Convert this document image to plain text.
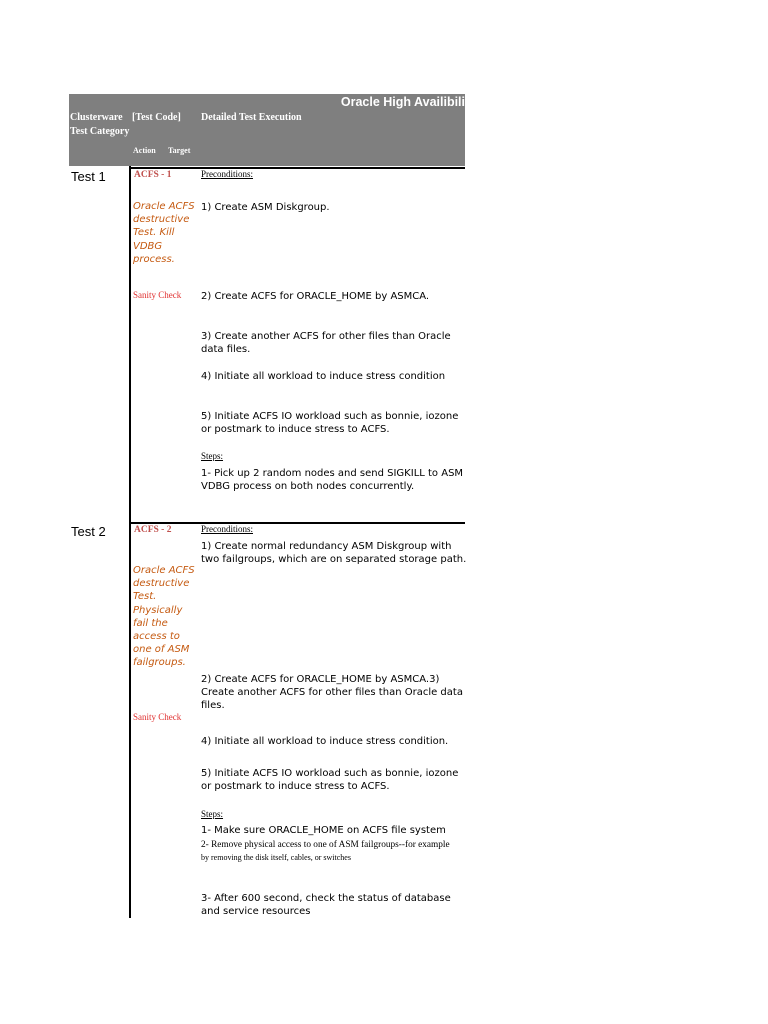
Oracle High Availibili
Clusterware Test Category
[Test Code] Detailed Test Execution
Action Target
Test 1	ACFS - 1
Oracle ACFS destructive Test. Kill VDBG process.
Sanity Check
Preconditions:
1) Create ASM Diskgroup.
2) Create ACFS for ORACLE_HOME by ASMCA.
3) Create another ACFS for other files than Oracle data files.
4) Initiate all workload to induce stress condition
5) Initiate ACFS IO workload such as bonnie, iozone or postmark to induce stress to ACFS.
Steps:
1- Pick up 2 random nodes and send SIGKILL to ASM VDBG process on both nodes concurrently.
Test 2	ACFS - 2
Oracle ACFS destructive Test. Physically fail the access to one of ASM failgroups.
Sanity Check
Preconditions:
1) Create normal redundancy ASM Diskgroup with two failgroups, which are on separated storage path.
2) Create ACFS for ORACLE_HOME by ASMCA.3) Create another ACFS for other files than Oracle data files.
4) Initiate all workload to induce stress condition.
5) Initiate ACFS IO workload such as bonnie, iozone or postmark to induce stress to ACFS.
Steps:
1- Make sure ORACLE_HOME on ACFS file system
2- Remove physical access to one of ASM failgroups--for example
by removing the disk itself, cables, or switches
3- After 600 second, check the status of database and service resources
